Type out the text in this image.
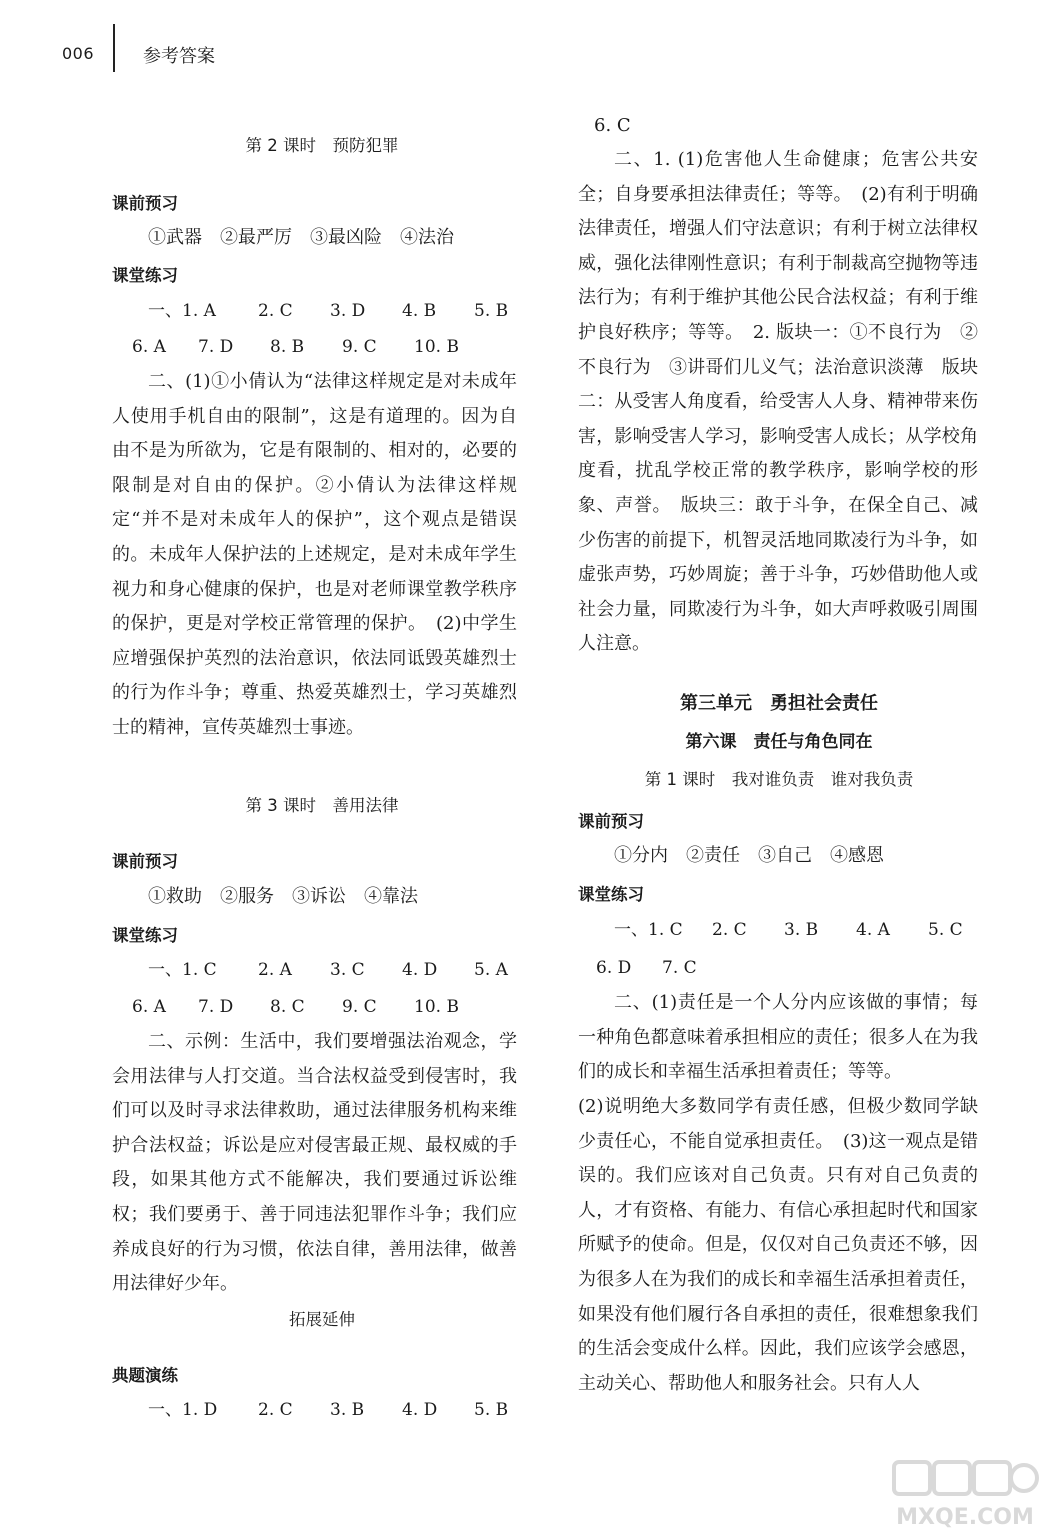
006	参考答案
第 2 课时　预防犯罪
课前预习
①武器　②最严厉　③最凶险　④法治
课堂练习
一、1. A 2. C 3. D 4. B 5. B
6. A 7. D 8. B 9. C 10. B
二、(1)①小倩认为“法律这样规定是对未成年人使用手机自由的限制”，这是有道理的。因为自由不是为所欲为，它是有限制的、相对的，必要的限制是对自由的保护。②小倩认为法律这样规定“并不是对未成年人的保护”，这个观点是错误的。未成年人保护法的上述规定，是对未成年学生视力和身心健康的保护，也是对老师课堂教学秩序的保护，更是对学校正常管理的保护。　(2)中学生应增强保护英烈的法治意识，依法同诋毁英雄烈士的行为作斗争；尊重、热爱英雄烈士，学习英雄烈士的精神，宣传英雄烈士事迹。
第 3 课时　善用法律
课前预习
①救助　②服务　③诉讼　④靠法
课堂练习
一、1. C 2. A 3. C 4. D 5. A
6. A 7. D 8. C 9. C 10. B
二、示例：生活中，我们要增强法治观念，学会用法律与人打交道。当合法权益受到侵害时，我们可以及时寻求法律救助，通过法律服务机构来维护合法权益；诉讼是应对侵害最正规、最权威的手段，如果其他方式不能解决，我们要通过诉讼维权；我们要勇于、善于同违法犯罪作斗争；我们应养成良好的行为习惯，依法自律，善用法律，做善用法律好少年。
拓展延伸
典题演练
一、1. D 2. C 3. B 4. D 5. B
6. C
二、1. (1)危害他人生命健康；危害公共安全；自身要承担法律责任；等等。　(2)有利于明确法律责任，增强人们守法意识；有利于树立法律权威，强化法律刚性意识；有利于制裁高空抛物等违法行为；有利于维护其他公民合法权益；有利于维护良好秩序；等等。　2. 版块一：①不良行为　②不良行为　③讲哥们儿义气；法治意识淡薄　版块二：从受害人角度看，给受害人人身、精神带来伤害，影响受害人学习，影响受害人成长；从学校角度看，扰乱学校正常的教学秩序，影响学校的形象、声誉。　版块三：敢于斗争，在保全自己、减少伤害的前提下，机智灵活地同欺凌行为斗争，如虚张声势，巧妙周旋；善于斗争，巧妙借助他人或社会力量，同欺凌行为斗争，如大声呼救吸引周围人注意。
第三单元　勇担社会责任
第六课　责任与角色同在
第 1 课时　我对谁负责　谁对我负责
课前预习
①分内　②责任　③自己　④感恩
课堂练习
一、1. C 2. C 3. B 4. A 5. C
6. D 7. C
二、(1)责任是一个人分内应该做的事情；每一种角色都意味着承担相应的责任；很多人在为我们的成长和幸福生活承担着责任；等等。
(2)说明绝大多数同学有责任感，但极少数同学缺少责任心，不能自觉承担责任。　(3)这一观点是错误的。我们应该对自己负责。只有对自己负责的人，才有资格、有能力、有信心承担起时代和国家所赋予的使命。但是，仅仅对自己负责还不够，因为很多人在为我们的成长和幸福生活承担着责任，如果没有他们履行各自承担的责任，很难想象我们的生活会变成什么样。因此，我们应该学会感恩，主动关心、帮助他人和服务社会。只有人人
MXQE.COM
